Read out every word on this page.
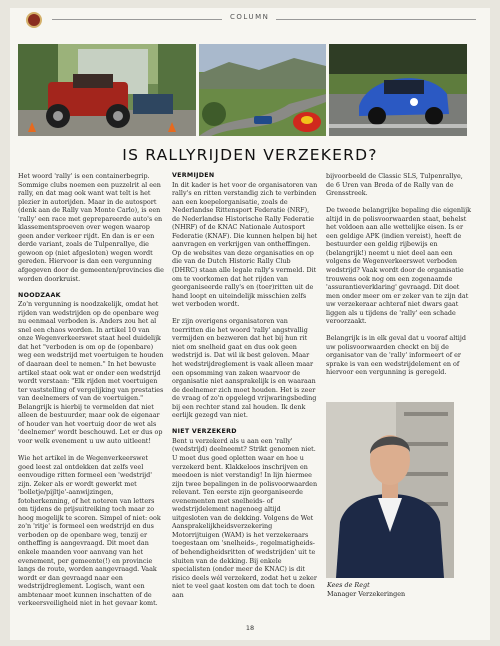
COLUMN
IS RALLYRIJDEN VERZEKERD?

Het woord 'rally' is een containerbegrip. Sommige clubs noemen een puzzelrit al een rally, en dat mag ook want wat telt is het plezier in autorijden. Maar in de autosport (denk aan de Rally van Monte Carlo), is een 'rally' een race met geprepareerde auto's en klassementsproeven over wegen waarop geen ander verkeer rijdt. En dan is er een derde variant, zoals de Tulpenrallye, die gewoon op (niet afgesloten) wegen wordt gereden. Hiervoor is dan een vergunning afgegeven door de gemeenten/provincies die worden doorkruist.

NOODZAAK

Zo'n vergunning is noodzakelijk, omdat het rijden van wedstrijden op de openbare weg nu eenmaal verboden is. Anders zou het al snel een chaos worden. In artikel 10 van onze Wegenverkeerswet staat heel duidelijk dat het "verboden is om op de (openbare) weg een wedstrijd met voertuigen te houden of daaraan deel te nemen." In het bewuste artikel staat ook wat er onder een wedstrijd wordt verstaan: "Elk rijden met voertuigen ter vaststelling of vergelijking van prestaties van deelnemers of van de voertuigen." Belangrijk is hierbij te vermelden dat niet alleen de bestuurder, maar ook de eigenaar of houder van het voertuig door de wet als 'deelnemer' wordt beschouwd. Let er dus op voor welk evenement u uw auto uitleent!

Wie het artikel in de Wegenverkeerswet goed leest zal ontdekken dat zelfs veel eenvoudige ritten formeel een 'wedstrijd' zijn. Zeker als er wordt gewerkt met 'bolletje/pijltje'-aanwijzingen, fotoherkenning, of het noteren van letters om tijdens de prijsuitreiking toch maar zo hoog mogelijk te scoren. Simpel of niet: ook zo'n 'ritje' is formeel een wedstrijd en dus verboden op de openbare weg, tenzij er ontheffing is aangevraagd. Dit moet dan enkele maanden voor aanvang van het evenement, per gemeente(!) en provincie langs de route, worden aangevraagd. Vaak wordt er dan gevraagd naar een wedstrijdreglement. Logisch, want een ambtenaar moet kunnen inschatten of de verkeersveiligheid niet in het gevaar komt.

VERMIJDEN

In dit kader is het voor de organisatoren van rally's en ritten verstandig zich te verbinden aan een koepelorganisatie, zoals de Nederlandse Rittensport Federatie (NRF), de Nederlandse Historische Rally Federatie (NHRF) of de KNAC Nationale Autosport Federatie (KNAF). Die kunnen helpen bij het aanvragen en verkrijgen van ontheffingen. Op de websites van deze organisaties en op die van de Dutch Historic Rally Club (DHRC) staan alle legale rally's vermeld. Dit om te voorkomen dat het rijden van georganiseerde rally's en (toer)ritten uit de hand loopt en uiteindelijk misschien zelfs wet verboden wordt.

Er zijn overigens organisatoren van toerritten die het woord 'rally' angstvallig vermijden en bezweren dat het bij hun rit niet om snelheid gaat en dus ook geen wedstrijd is. Dat wil ik best geloven. Maar het wedstrijdreglement is vaak alleen maar een opsomming van zaken waarvoor de organisatie niet aansprakelijk is en waaraan de deelnemer zich moet houden. Het is zeer de vraag of zo'n opgelegd vrijwaringsbeding bij een rechter stand zal houden. Ik denk eerlijk gezegd van niet.

NIET VERZEKERD

Bent u verzekerd als u aan een 'rally' (wedstrijd) deelneemt? Strikt genomen niet. U moet dus goed opletten waar en hoe u verzekerd bent. Klakkeloos inschrijven en meedoen is niet verstandig! In lijn hiermee zijn twee bepalingen in de polisvoorwaarden relevant. Ten eerste zijn georganiseerde evenementen met snelheids- of wedstrijdelement nagenoeg altijd uitgesloten van de dekking. Volgens de Wet Aansprakelijkheidsverzekering Motorrijtuigen (WAM) is het verzekeraars toegestaan om 'snelheids-, regelmatigheids- of behendigheidsritten of wedstrijden' uit te sluiten van de dekking. Bij enkele specialisten (onder meer de KNAC) is dit risico deels wél verzekerd, zodat het u zeker niet te veel gaat kosten om dat toch te doen aan

bijvoorbeeld de Classic SLS, Tulpenrallye, de 6 Uren van Breda of de Rally van de Grensstreek.

De tweede belangrijke bepaling die eigenlijk altijd in de polisvoorwaarden staat, behelst het voldoen aan alle wettelijke eisen. Is er een geldige APK (indien vereist), heeft de bestuurder een geldig rijbewijs en (belangrijk!) neemt u niet deel aan een volgens de Wegenverkeerswet verboden wedstrijd? Vaak wordt door de organisatie trouwens ook nog om een zogenaamde 'assurantieverklaring' gevraagd. Dit doet men onder meer om er zeker van te zijn dat uw verzekeraar achteraf niet dwars gaat liggen als u tijdens de 'rally' een schade veroorzaakt.

Belangrijk is in elk geval dat u vooraf altijd uw polisvoorwaarden checkt en bij de organisator van de 'rally' informeert of er sprake is van een wedstrijdelement en of hiervoor een vergunning is geregeld.

Kees de Regt
Manager Verzekeringen
18
